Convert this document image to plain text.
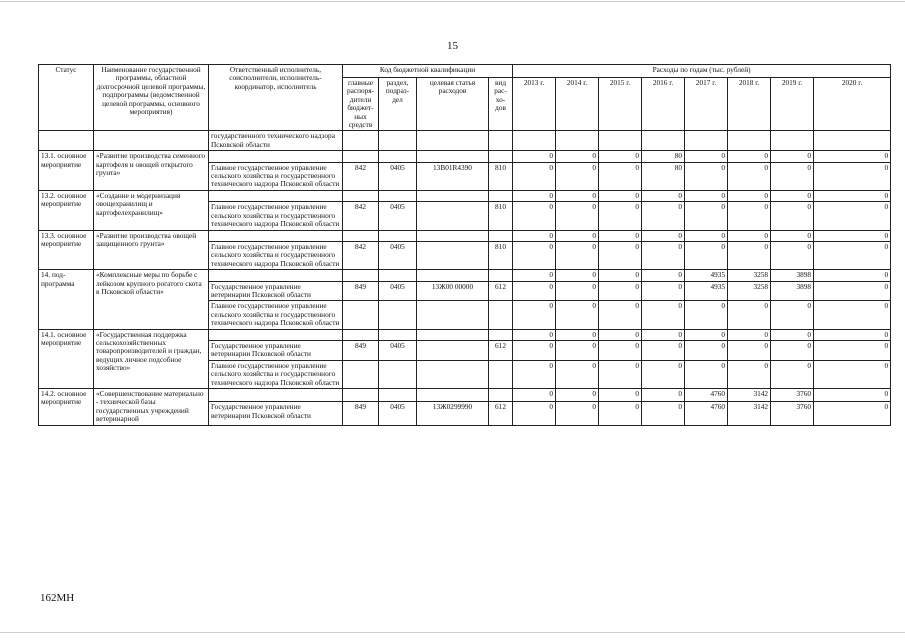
15
Статус	Наименование государственной программы, областной долгосрочной целевой программы, подпрограммы (ведомственной целевой программы, основного мероприятия)	Ответственный исполнитель, соисполнители, исполнитель-координатор, исполнитель	Код бюджетной квалификации				Расходы по годам (тыс. рублей)							
			главные распоря-дители бюджет-ных средств	раздел, подраз-дел	целевая статья расходов	вид рас-хо-дов	2013 г.	2014 г.	2015 г.	2016 г.	2017 г.	2018 г.	2019 г.	2020 г.
		государственного технического надзора Псковской области												
13.1. основное мероприятие	«Развитие производства семенного картофеля и овощей открытого грунта»						0	0	0	80	0	0	0	0
		Главное государственное управление сельского хозяйства и государственного технического надзора Псковской области	842	0405	13В01R4390	810	0	0	0	80	0	0	0	0
13.2. основное мероприятие	«Создание и модернизация овощехранилищ и картофелехранилищ»						0	0	0	0	0	0	0	0
		Главное государственное управление сельского хозяйства и государственного технического надзора Псковской области	842	0405		810	0	0	0	0	0	0	0	0
13.3. основное мероприятие	«Развитие производства овощей защищенного грунта»						0	0	0	0	0	0	0	0
		Главное государственное управление сельского хозяйства и государственного технического надзора Псковской области	842	0405		810	0	0	0	0	0	0	0	0
14. под-программа	«Комплексные меры по борьбе с лейкозом крупного рогатого скота в Псковской области»						0	0	0	0	4935	3258	3898	0
		Государственное управление ветеринарии Псковской области	849	0405	13Ж00 00000	612	0	0	0	0	4935	3258	3898	0
		Главное государственное управление сельского хозяйства и государственного технического надзора Псковской области					0	0	0	0	0	0	0	0
14.1. основное мероприятие	«Государственная поддержка сельскохозяйственных товаропроизводителей и граждан, ведущих личное подсобное хозяйство»						0	0	0	0	0	0	0	0
		Государственное управление ветеринарии Псковской области	849	0405		612	0	0	0	0	0	0	0	0
		Главное государственное управление сельского хозяйства и государственного технического надзора Псковской области					0	0	0	0	0	0	0	0
14.2. основное мероприятие	«Совершенствование материально - технической базы государственных учреждений ветеринарной						0	0	0	0	4760	3142	3760	0
		Государственное управление ветеринарии Псковской области	849	0405	13Ж0299990	612	0	0	0	0	4760	3142	3760	0
162МН
